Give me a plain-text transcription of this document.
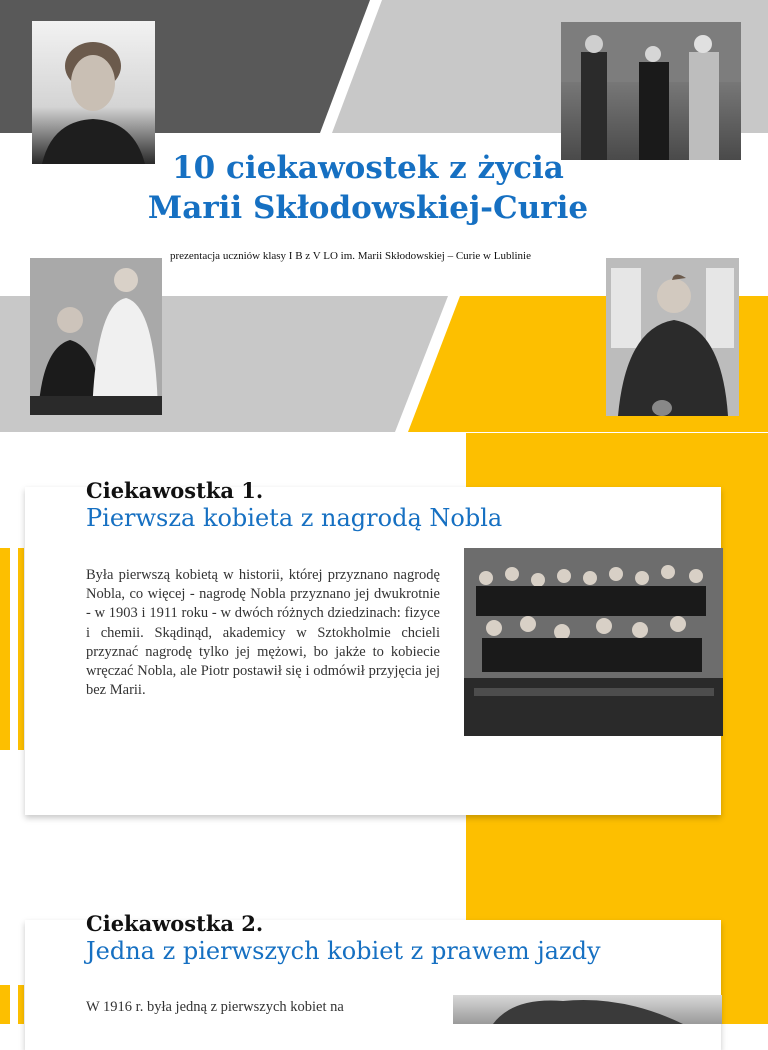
10 ciekawostek z życia
Marii Skłodowskiej-Curie
prezentacja uczniów klasy I B z V LO im. Marii Skłodowskiej – Curie w Lublinie
Ciekawostka 1.
Pierwsza kobieta z nagrodą Nobla

Była pierwszą kobietą w historii, której przyznano nagrodę Nobla, co więcej - nagrodę Nobla przyznano jej dwukrotnie - w 1903 i 1911 roku - w dwóch różnych dziedzinach: fizyce i chemii. Skądinąd, akademicy w Sztokholmie chcieli przyznać nagrodę tylko jej mężowi, bo jakże to kobiecie wręczać Nobla, ale Piotr postawił się i odmówił przyjęcia jej bez Marii.

Ciekawostka 2.
Jedna z pierwszych kobiet z prawem jazdy

W 1916 r. była jedną z pierwszych kobiet na
